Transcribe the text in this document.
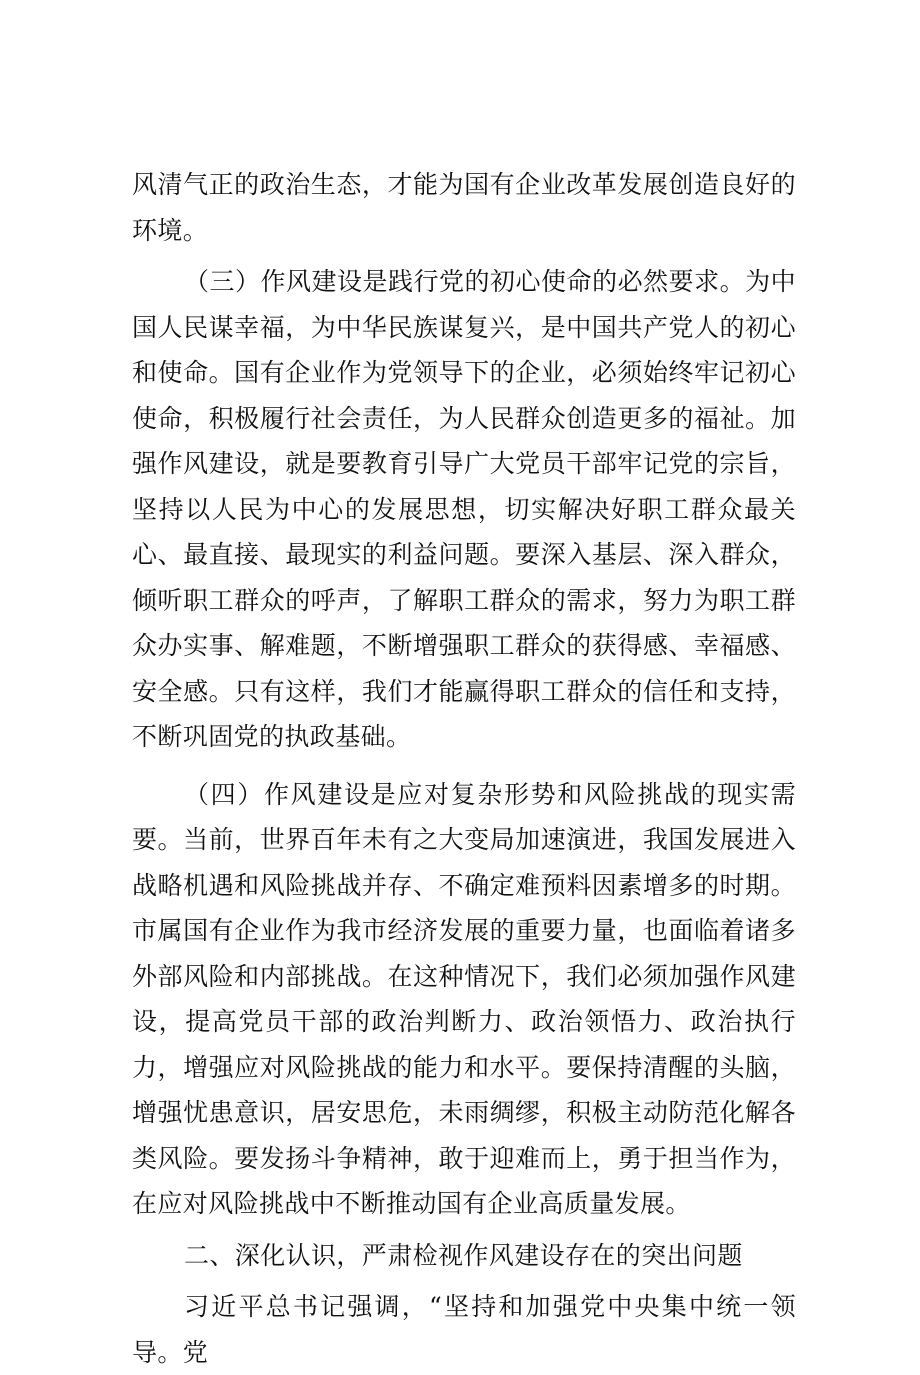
风清气正的政治生态，才能为国有企业改革发展创造良好的环境。

（三）作风建设是践行党的初心使命的必然要求。为中国人民谋幸福，为中华民族谋复兴，是中国共产党人的初心和使命。国有企业作为党领导下的企业，必须始终牢记初心使命，积极履行社会责任，为人民群众创造更多的福祉。加强作风建设，就是要教育引导广大党员干部牢记党的宗旨，坚持以人民为中心的发展思想，切实解决好职工群众最关心、最直接、最现实的利益问题。要深入基层、深入群众，倾听职工群众的呼声，了解职工群众的需求，努力为职工群众办实事、解难题，不断增强职工群众的获得感、幸福感、安全感。只有这样，我们才能赢得职工群众的信任和支持，不断巩固党的执政基础。

（四）作风建设是应对复杂形势和风险挑战的现实需要。当前，世界百年未有之大变局加速演进，我国发展进入战略机遇和风险挑战并存、不确定难预料因素增多的时期。市属国有企业作为我市经济发展的重要力量，也面临着诸多外部风险和内部挑战。在这种情况下，我们必须加强作风建设，提高党员干部的政治判断力、政治领悟力、政治执行力，增强应对风险挑战的能力和水平。要保持清醒的头脑，增强忧患意识，居安思危，未雨绸缪，积极主动防范化解各类风险。要发扬斗争精神，敢于迎难而上，勇于担当作为，在应对风险挑战中不断推动国有企业高质量发展。

二、深化认识，严肃检视作风建设存在的突出问题

习近平总书记强调，“坚持和加强党中央集中统一领导。党
